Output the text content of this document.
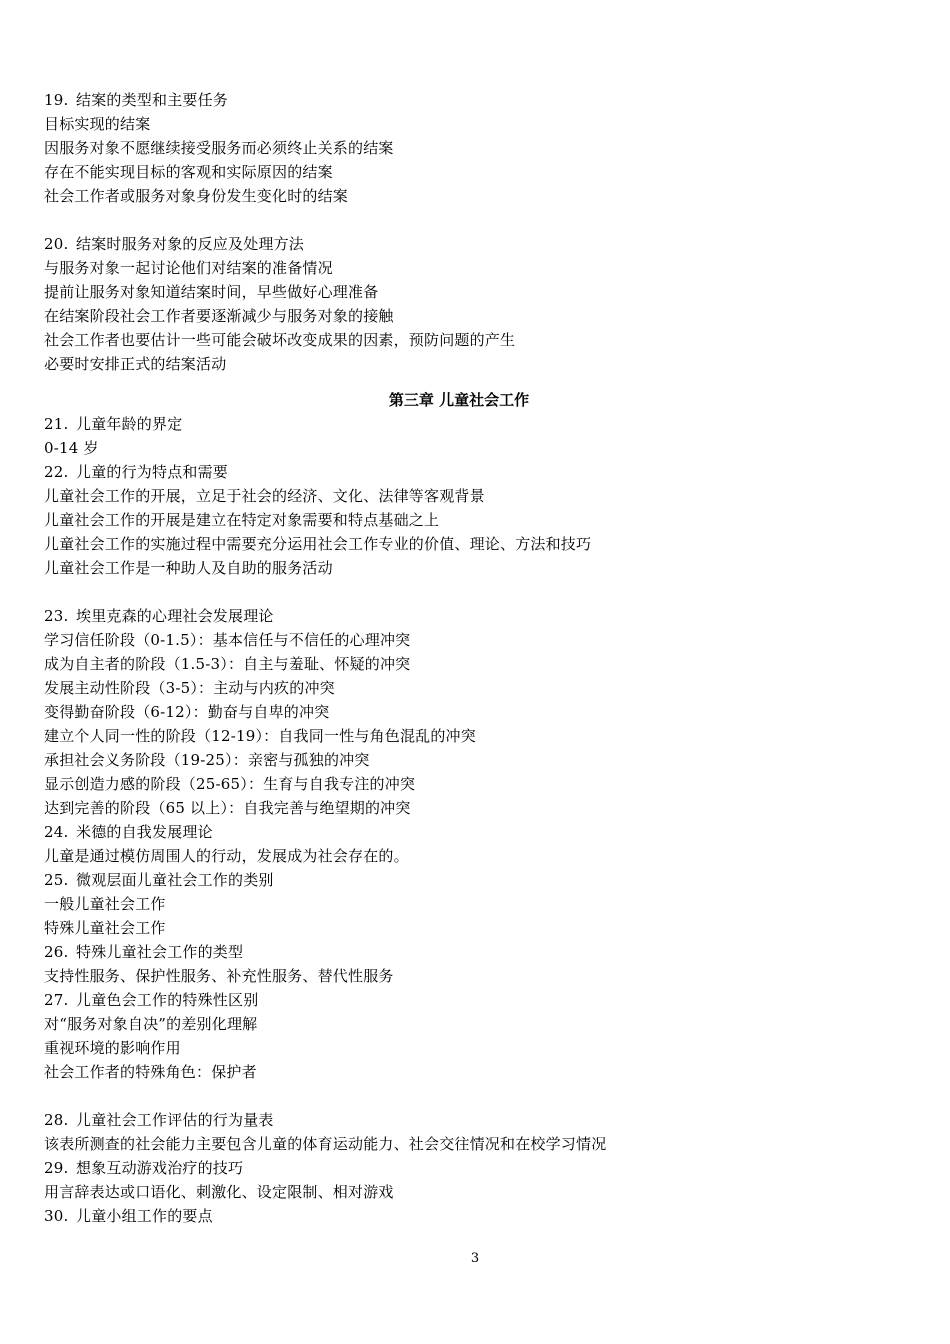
19. 结案的类型和主要任务
目标实现的结案
因服务对象不愿继续接受服务而必须终止关系的结案
存在不能实现目标的客观和实际原因的结案
社会工作者或服务对象身份发生变化时的结案
20. 结案时服务对象的反应及处理方法
与服务对象一起讨论他们对结案的准备情况
提前让服务对象知道结案时间，早些做好心理准备
在结案阶段社会工作者要逐渐减少与服务对象的接触
社会工作者也要估计一些可能会破坏改变成果的因素，预防问题的产生
必要时安排正式的结案活动
第三章 儿童社会工作
21. 儿童年龄的界定
0-14 岁
22. 儿童的行为特点和需要
儿童社会工作的开展，立足于社会的经济、文化、法律等客观背景
儿童社会工作的开展是建立在特定对象需要和特点基础之上
儿童社会工作的实施过程中需要充分运用社会工作专业的价值、理论、方法和技巧
儿童社会工作是一种助人及自助的服务活动
23. 埃里克森的心理社会发展理论
学习信任阶段（0-1.5）：基本信任与不信任的心理冲突
成为自主者的阶段（1.5-3）：自主与羞耻、怀疑的冲突
发展主动性阶段（3-5）：主动与内疚的冲突
变得勤奋阶段（6-12）：勤奋与自卑的冲突
建立个人同一性的阶段（12-19）：自我同一性与角色混乱的冲突
承担社会义务阶段（19-25）：亲密与孤独的冲突
显示创造力感的阶段（25-65）：生育与自我专注的冲突
达到完善的阶段（65 以上）：自我完善与绝望期的冲突
24. 米德的自我发展理论
儿童是通过模仿周围人的行动，发展成为社会存在的。
25. 微观层面儿童社会工作的类别
一般儿童社会工作
特殊儿童社会工作
26. 特殊儿童社会工作的类型
支持性服务、保护性服务、补充性服务、替代性服务
27. 儿童色会工作的特殊性区别
对“服务对象自决”的差别化理解
重视环境的影响作用
社会工作者的特殊角色：保护者
28. 儿童社会工作评估的行为量表
该表所测查的社会能力主要包含儿童的体育运动能力、社会交往情况和在校学习情况
29. 想象互动游戏治疗的技巧
用言辞表达或口语化、刺激化、设定限制、相对游戏
30. 儿童小组工作的要点
3
